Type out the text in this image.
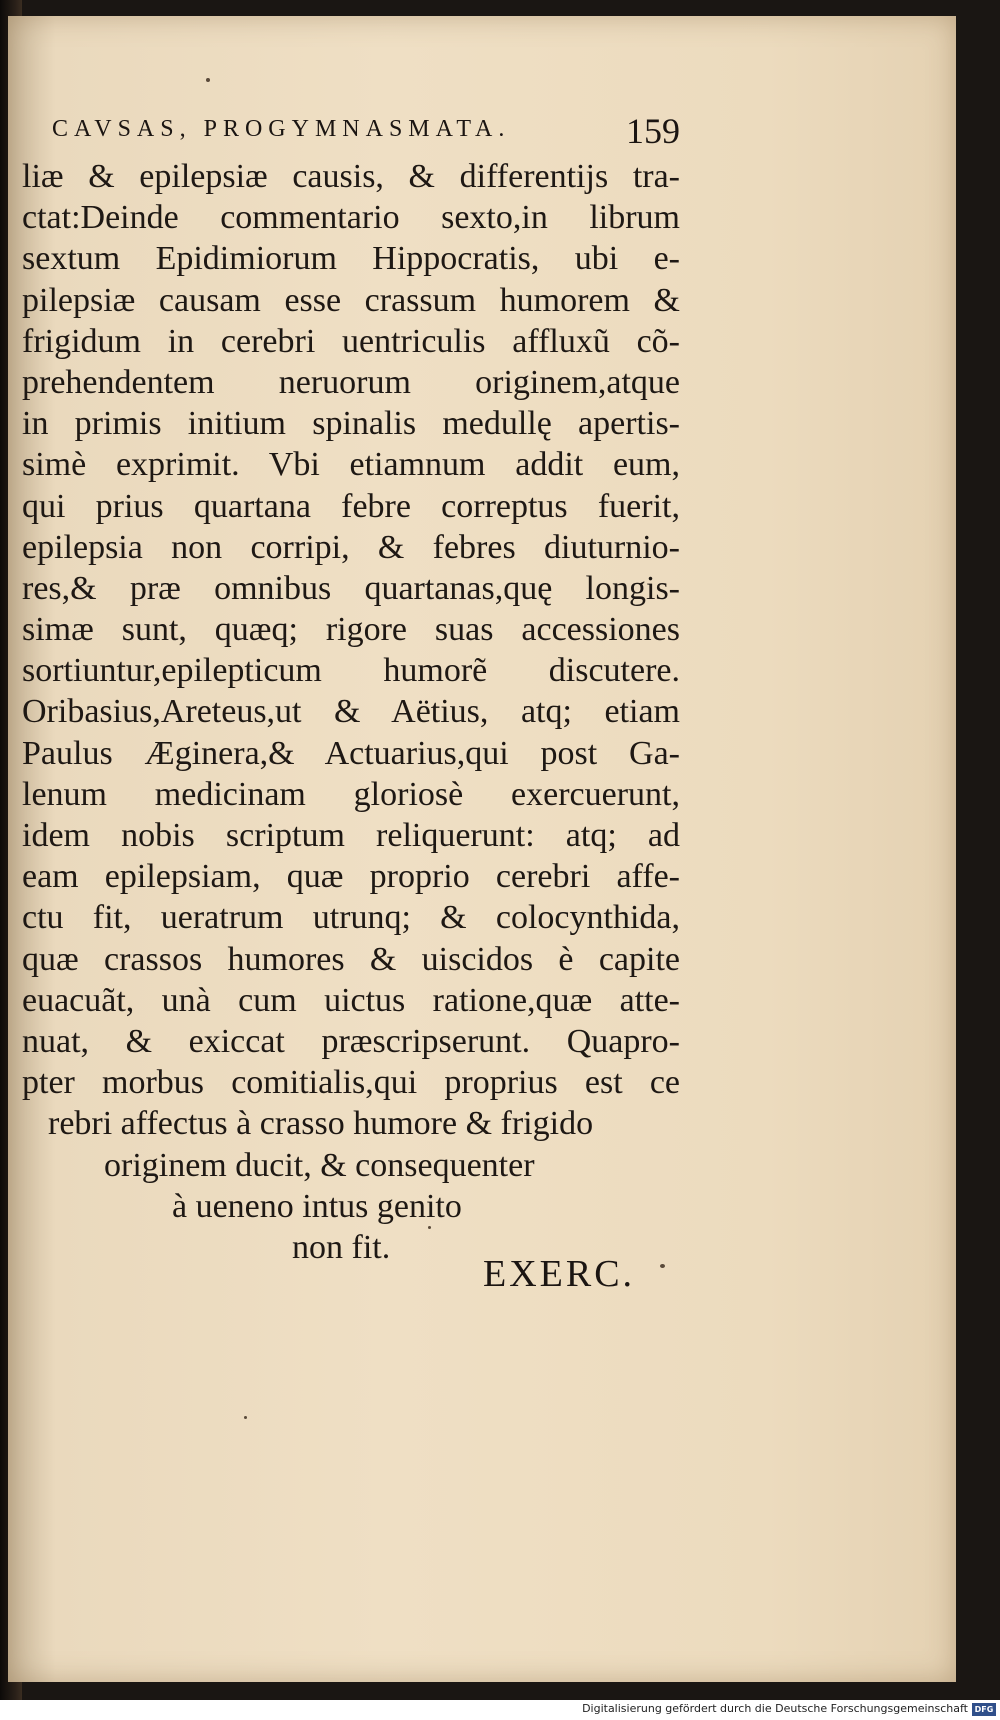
CAVSAS, PROGYMNASMATA.	159
liæ & epilepsiæ causis, & differentijs tra-
ctat:Deinde commentario sexto,in librum
sextum Epidimiorum Hippocratis, ubi e-
pilepsiæ causam esse crassum humorem &
frigidum in cerebri uentriculis affluxũ cõ-
prehendentem neruorum originem,atque
in primis initium spinalis medullę apertis-
simè exprimit. Vbi etiamnum addit eum,
qui prius quartana febre correptus fuerit,
epilepsia non corripi, & febres diuturnio-
res,& præ omnibus quartanas,quę longis-
simæ sunt, quæq; rigore suas accessiones
sortiuntur,epilepticum humorẽ discutere.
Oribasius,Areteus,ut & Aëtius, atq; etiam
Paulus Æginera,& Actuarius,qui post Ga-
lenum medicinam gloriosè exercuerunt,
idem nobis scriptum reliquerunt: atq; ad
eam epilepsiam, quæ proprio cerebri affe-
ctu fit, ueratrum utrunq; & colocynthida,
quæ crassos humores & uiscidos è capite
euacuãt, unà cum uictus ratione,quæ atte-
nuat, & exiccat præscripserunt. Quapro-
pter morbus comitialis,qui proprius est ce
rebri affectus à crasso humore & frigido
originem ducit, & consequenter
à ueneno intus genito
non fit.
EXERC.
Digitalisierung gefördert durch die Deutsche Forschungsgemeinschaft DFG
